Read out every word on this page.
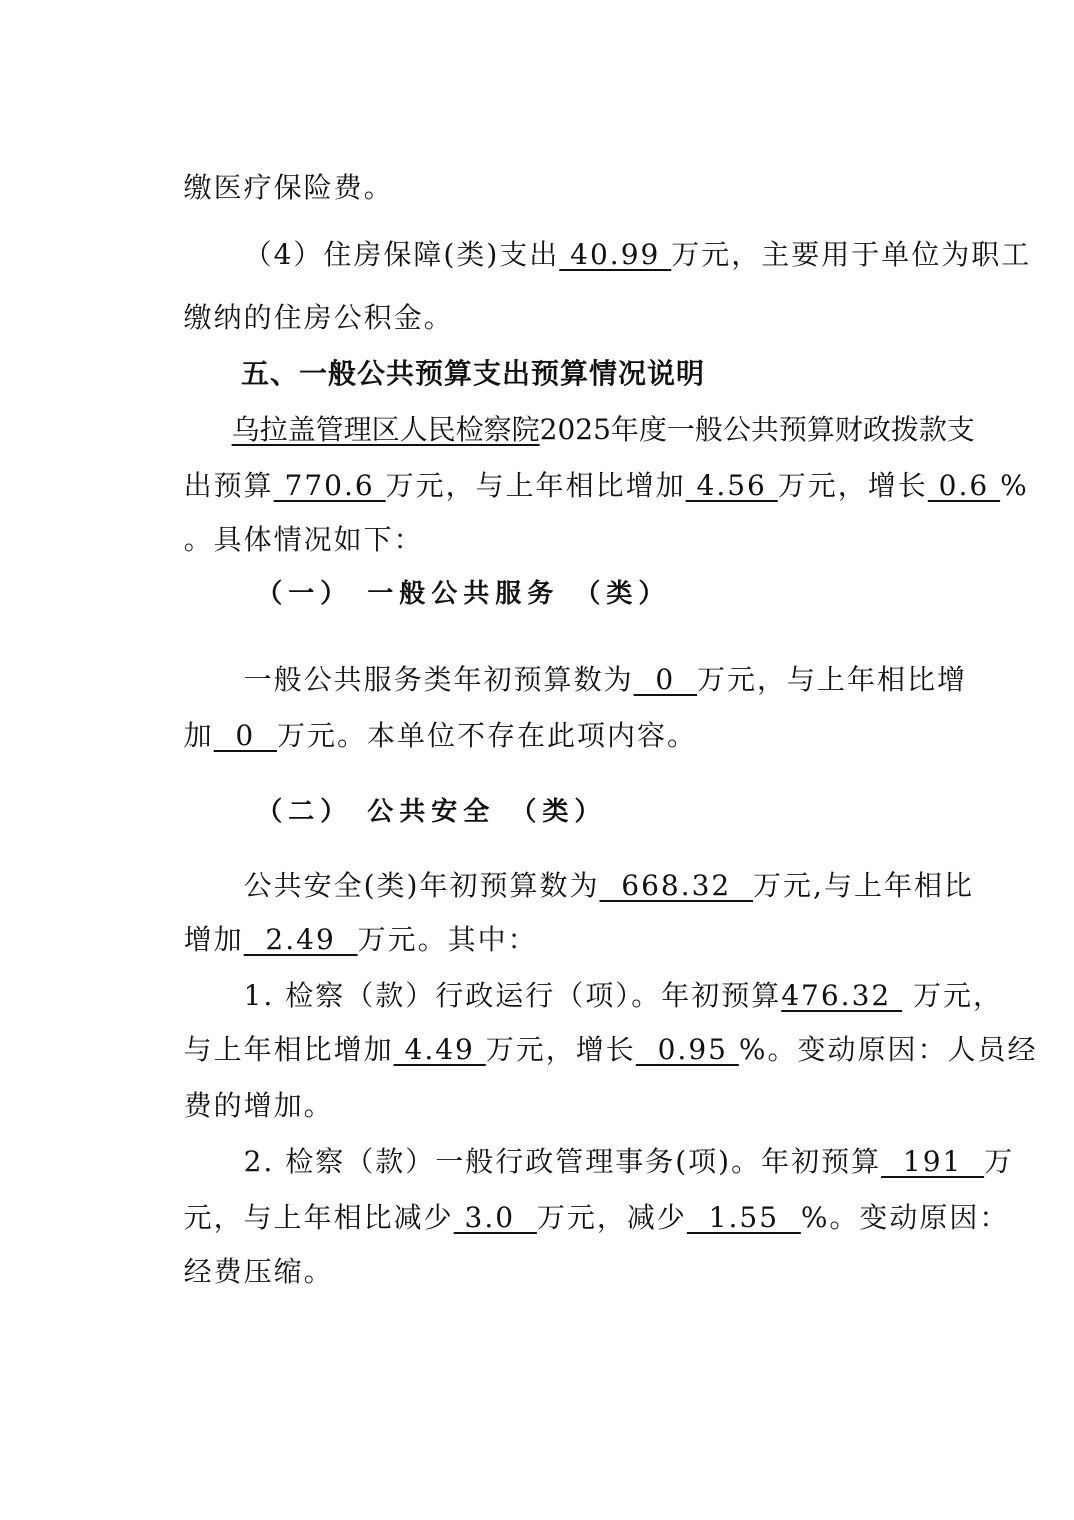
缴医疗保险费。

（4）住房保障(类)支出 40.99 万元，主要用于单位为职工

缴纳的住房公积金。

五、一般公共预算支出预算情况说明

乌拉盖管理区人民检察院2025年度一般公共预算财政拨款支

出预算 770.6 万元，与上年相比增加 4.56 万元，增长 0.6 %

。具体情况如下：

（一） 一般公共服务 （类）

一般公共服务类年初预算数为  0  万元，与上年相比增

加  0  万元。本单位不存在此项内容。

（二） 公共安全 （类）

公共安全(类)年初预算数为  668.32  万元,与上年相比

增加  2.49  万元。其中：

1. 检察（款）行政运行（项）。年初预算476.32  万元，

与上年相比增加 4.49 万元，增长  0.95 %。变动原因：人员经

费的增加。

2. 检察（款）一般行政管理事务(项)。年初预算  191  万

元，与上年相比减少 3.0  万元，减少  1.55  %。变动原因：

经费压缩。
